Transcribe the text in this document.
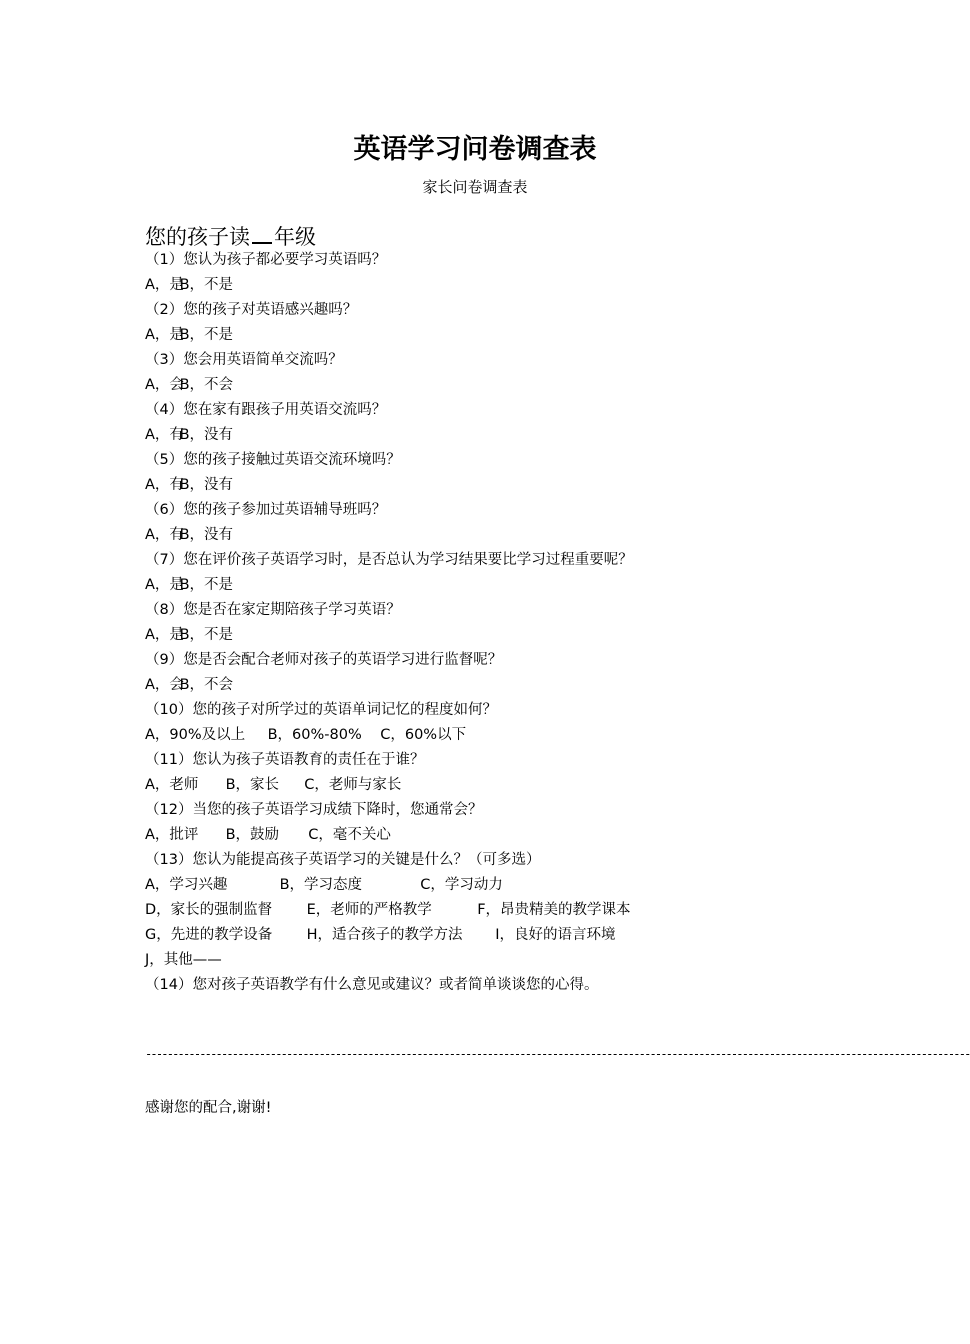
英语学习问卷调查表
家长问卷调查表
您的孩子读 年级
（1）您认为孩子都必要学习英语吗？
A，是 B，不是
（2）您的孩子对英语感兴趣吗？
A，是 B，不是
（3）您会用英语简单交流吗？
A，会 B，不会
（4）您在家有跟孩子用英语交流吗？
A，有 B，没有
（5）您的孩子接触过英语交流环境吗？
A，有 B，没有
（6）您的孩子参加过英语辅导班吗？
A，有 B，没有
（7）您在评价孩子英语学习时，是否总认为学习结果要比学习过程重要呢？
A，是 B，不是
（8）您是否在家定期陪孩子学习英语？
A，是 B，不是
（9）您是否会配合老师对孩子的英语学习进行监督呢？
A，会 B，不会
（10）您的孩子对所学过的英语单词记忆的程度如何？
A，90%及以上 B，60%-80% C，60%以下
（11）您认为孩子英语教育的责任在于谁？
A，老师 B，家长 C，老师与家长
（12）当您的孩子英语学习成绩下降时，您通常会？
A，批评 B，鼓励 C，毫不关心
（13）您认为能提高孩子英语学习的关键是什么？（可多选）
A，学习兴趣	B，学习态度	C，学习动力
D，家长的强制监督 E，老师的严格教学	F，昂贵精美的教学课本
G，先进的教学设备 H，适合孩子的教学方法 I，良好的语言环境
J，其他——
（14）您对孩子英语教学有什么意见或建议？或者简单谈谈您的心得。
--------------------------------------------------------------------------------------------------------------------------------------------------------
感谢您的配合,谢谢!
